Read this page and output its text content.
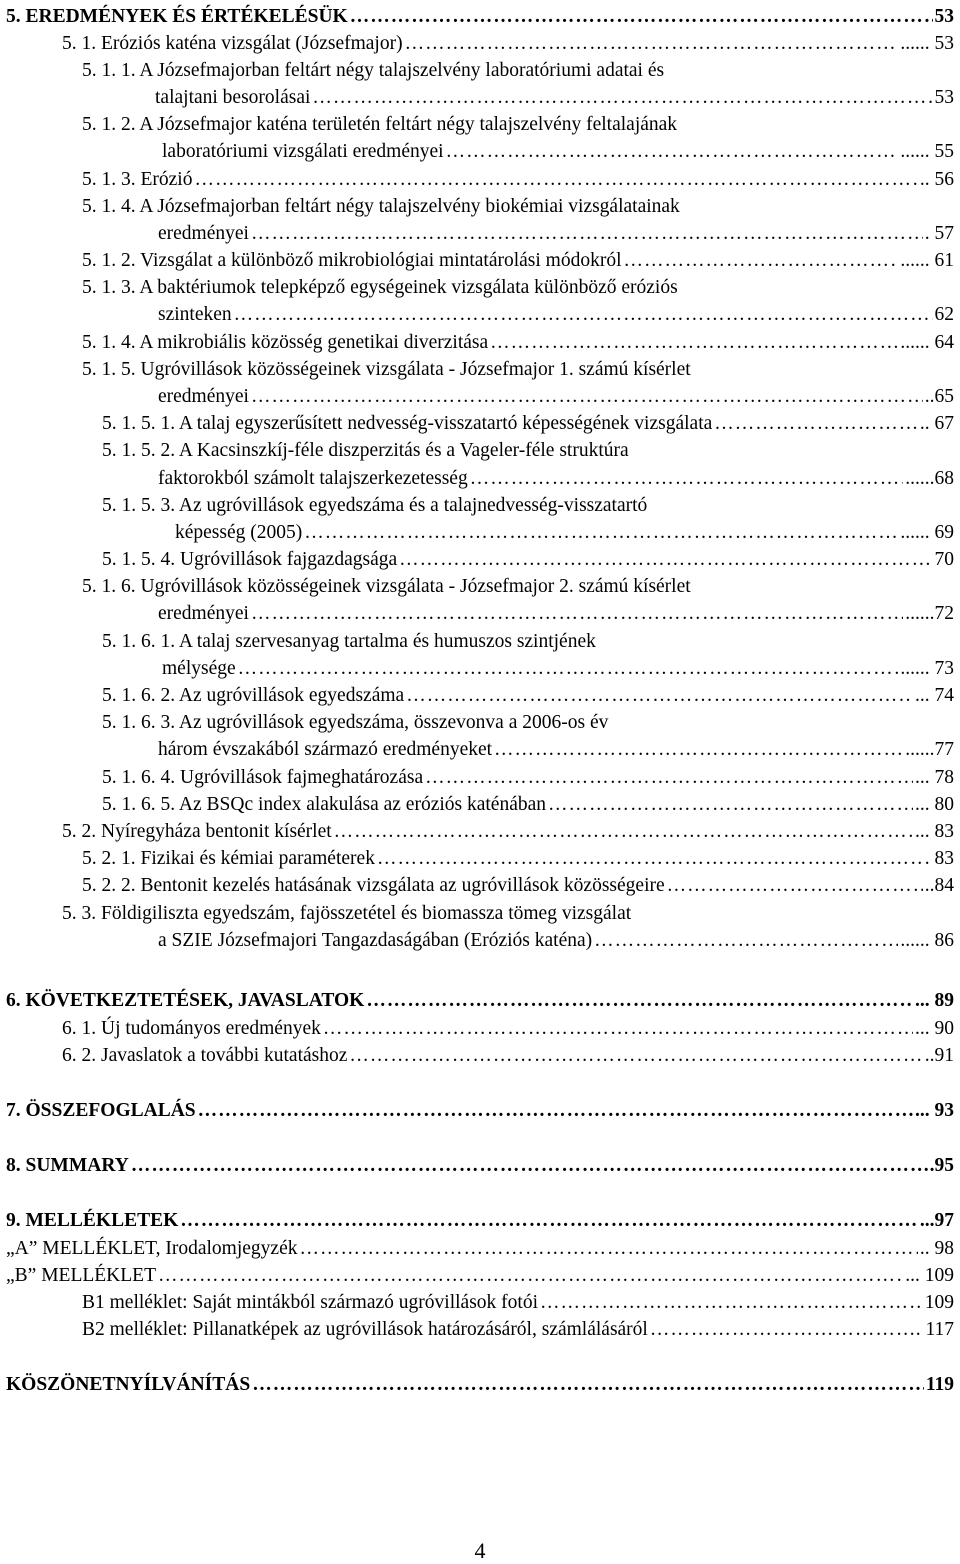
5. EREDMÉNYEK ÉS ÉRTÉKELÉSÜK ……………………………………………………………………………………………………………………………………………………………………………………………………………………………	53
5. 1. Eróziós katéna vizsgálat (Józsefmajor) ……………………………………………………………………………………………………………………………………………………………………………………………………………………………	...... 53
5. 1. 1. A Józsefmajorban feltárt négy talajszelvény laboratóriumi adatai és
talajtani besorolásai ……………………………………………………………………………………………………………………………………………………………………………………………………………………………	53
5. 1. 2. A Józsefmajor katéna területén feltárt négy talajszelvény feltalajának
laboratóriumi vizsgálati eredményei ……………………………………………………………………………………………………………………………………………………………………………………………………………………………	...... 55
5. 1. 3. Erózió ……………………………………………………………………………………………………………………………………………………………………………………………………………………………	.. 56
5. 1. 4. A Józsefmajorban feltárt négy talajszelvény biokémiai vizsgálatainak
eredményei ……………………………………………………………………………………………………………………………………………………………………………………………………………………………	. 57
5. 1. 2. Vizsgálat a különböző mikrobiológiai mintatárolási módokról ……………………………………………………………………………………………………………………………………………………………………………………………………………………………	...... 61
5. 1. 3. A baktériumok telepképző egységeinek vizsgálata különböző eróziós
szinteken ……………………………………………………………………………………………………………………………………………………………………………………………………………………………	62
5. 1. 4. A mikrobiális közösség genetikai diverzitása ……………………………………………………………………………………………………………………………………………………………………………………………………………………………	...... 64
5. 1. 5. Ugróvillások közösségeinek vizsgálata - Józsefmajor 1. számú kísérlet
eredményei ……………………………………………………………………………………………………………………………………………………………………………………………………………………………	..65
5. 1. 5. 1. A talaj egyszerűsített nedvesség-visszatartó képességének vizsgálata ……………………………………………………………………………………………………………………………………………………………………………………………………………………………	.. 67
5. 1. 5. 2. A Kacsinszkíj-féle diszperzitás és a Vageler-féle struktúra
faktorokból számolt talajszerkezetesség ……………………………………………………………………………………………………………………………………………………………………………………………………………………………	......68
5. 1. 5. 3. Az ugróvillások egyedszáma és a talajnedvesség-visszatartó
képesség (2005) ……………………………………………………………………………………………………………………………………………………………………………………………………………………………	...... 69
5. 1. 5. 4. Ugróvillások fajgazdagsága ……………………………………………………………………………………………………………………………………………………………………………………………………………………………	70
5. 1. 6. Ugróvillások közösségeinek vizsgálata - Józsefmajor 2. számú kísérlet
eredményei ……………………………………………………………………………………………………………………………………………………………………………………………………………………………	......72
5. 1. 6. 1. A talaj szervesanyag tartalma és humuszos szintjének
mélysége ……………………………………………………………………………………………………………………………………………………………………………………………………………………………	...... 73
5. 1. 6. 2. Az ugróvillások egyedszáma ……………………………………………………………………………………………………………………………………………………………………………………………………………………………	... 74
5. 1. 6. 3. Az ugróvillások egyedszáma, összevonva a 2006-os év
három évszakából származó eredményeket ……………………………………………………………………………………………………………………………………………………………………………………………………………………………	......77
5. 1. 6. 4. Ugróvillások fajmeghatározása ……………………………………………………………………………………………………………………………………………………………………………………………………………………………	... 78
5. 1. 6. 5. Az BSQc index alakulása az eróziós katénában ……………………………………………………………………………………………………………………………………………………………………………………………………………………………	... 80
5. 2. Nyíregyháza bentonit kísérlet ……………………………………………………………………………………………………………………………………………………………………………………………………………………………	... 83
5. 2. 1. Fizikai és kémiai paraméterek ……………………………………………………………………………………………………………………………………………………………………………………………………………………………	. 83
5. 2. 2. Bentonit kezelés hatásának vizsgálata az ugróvillások közösségeire ……………………………………………………………………………………………………………………………………………………………………………………………………………………………	..84
5. 3. Földigiliszta egyedszám, fajösszetétel és biomassza tömeg vizsgálat
a SZIE Józsefmajori Tangazdaságában (Eróziós katéna) ……………………………………………………………………………………………………………………………………………………………………………………………………………………………	...... 86
6. KÖVETKEZTETÉSEK, JAVASLATOK ……………………………………………………………………………………………………………………………………………………………………………………………………………………………	... 89
6. 1. Új tudományos eredmények ……………………………………………………………………………………………………………………………………………………………………………………………………………………………	... 90
6. 2. Javaslatok a további kutatáshoz ……………………………………………………………………………………………………………………………………………………………………………………………………………………………	..91
7. ÖSSZEFOGLALÁS ……………………………………………………………………………………………………………………………………………………………………………………………………………………………	... 93
8. SUMMARY ……………………………………………………………………………………………………………………………………………………………………………………………………………………………	.95
9. MELLÉKLETEK ……………………………………………………………………………………………………………………………………………………………………………………………………………………………	...97
„A” MELLÉKLET, Irodalomjegyzék ……………………………………………………………………………………………………………………………………………………………………………………………………………………………	.. 98
„B” MELLÉKLET ……………………………………………………………………………………………………………………………………………………………………………………………………………………………	... 109
B1 melléklet: Saját mintákból származó ugróvillások fotói ……………………………………………………………………………………………………………………………………………………………………………………………………………………………	109
B2 melléklet: Pillanatképek az ugróvillások határozásáról, számlálásáról ……………………………………………………………………………………………………………………………………………………………………………………………………………………………	. 117
KÖSZÖNETNYÍLVÁNÍTÁS ……………………………………………………………………………………………………………………………………………………………………………………………………………………………	119
4
